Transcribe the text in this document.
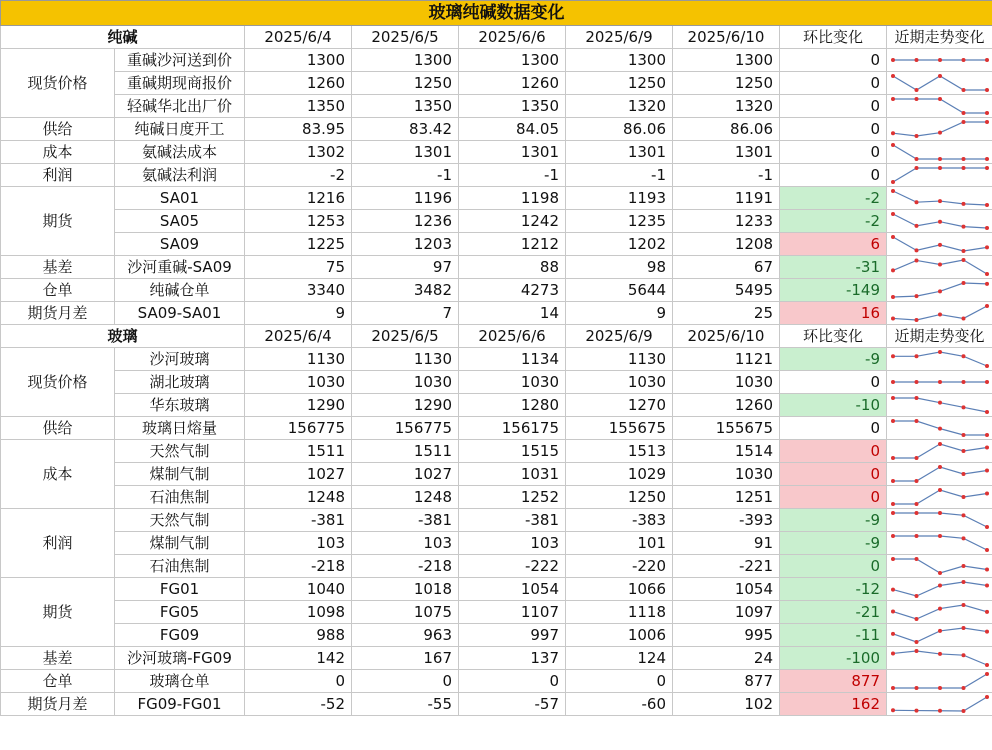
玻璃纯碱数据变化								
纯碱		2025/6/4	2025/6/5	2025/6/6	2025/6/9	2025/6/10	环比变化	近期走势变化
现货价格	重碱沙河送到价	1300	1300	1300	1300	1300	0	

	重碱期现商报价	1260	1250	1260	1250	1250	0	

	轻碱华北出厂价	1350	1350	1350	1320	1320	0	

供给	纯碱日度开工	83.95	83.42	84.05	86.06	86.06	0	

成本	氨碱法成本	1302	1301	1301	1301	1301	0	

利润	氨碱法利润	-2	-1	-1	-1	-1	0	

期货	SA01	1216	1196	1198	1193	1191	-2	

	SA05	1253	1236	1242	1235	1233	-2	

	SA09	1225	1203	1212	1202	1208	6	

基差	沙河重碱-SA09	75	97	88	98	67	-31	

仓单	纯碱仓单	3340	3482	4273	5644	5495	-149	

期货月差	SA09-SA01	9	7	14	9	25	16	

玻璃		2025/6/4	2025/6/5	2025/6/6	2025/6/9	2025/6/10	环比变化	近期走势变化
现货价格	沙河玻璃	1130	1130	1134	1130	1121	-9	

	湖北玻璃	1030	1030	1030	1030	1030	0	

	华东玻璃	1290	1290	1280	1270	1260	-10	

供给	玻璃日熔量	156775	156775	156175	155675	155675	0	

成本	天然气制	1511	1511	1515	1513	1514	0	

	煤制气制	1027	1027	1031	1029	1030	0	

	石油焦制	1248	1248	1252	1250	1251	0	

利润	天然气制	-381	-381	-381	-383	-393	-9	

	煤制气制	103	103	103	101	91	-9	

	石油焦制	-218	-218	-222	-220	-221	0	

期货	FG01	1040	1018	1054	1066	1054	-12	

	FG05	1098	1075	1107	1118	1097	-21	

	FG09	988	963	997	1006	995	-11	

基差	沙河玻璃-FG09	142	167	137	124	24	-100	

仓单	玻璃仓单	0	0	0	0	877	877	

期货月差	FG09-FG01	-52	-55	-57	-60	102	162	
